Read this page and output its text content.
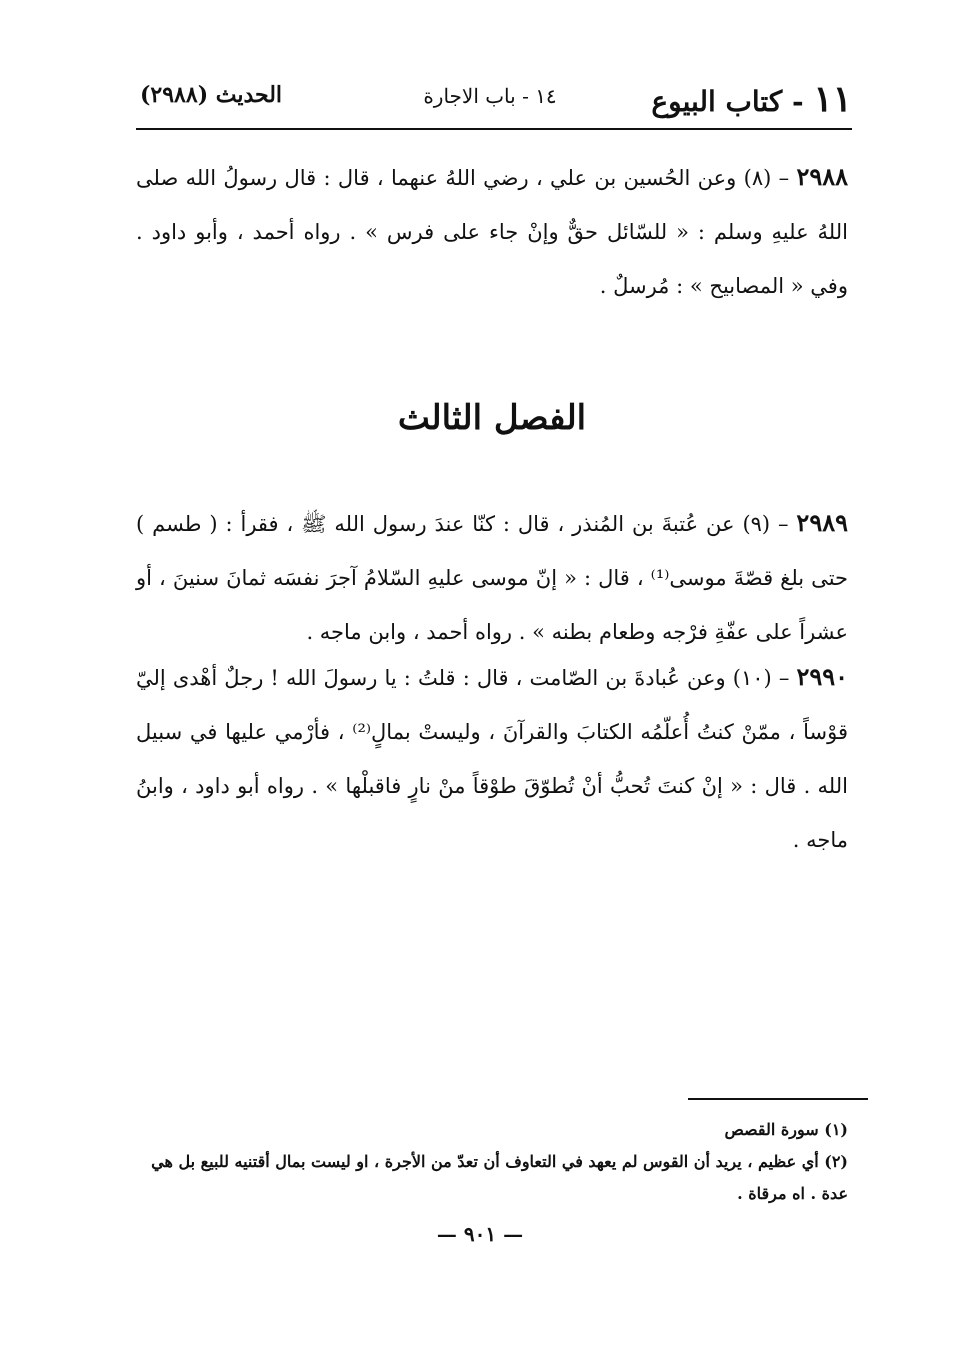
١١ - كتاب البيوع
١٤ - باب الاجارة
الحديث (٢٩٨٨)
٢٩٨٨ – (٨) وعن الحُسين بن علي ، رضي اللهُ عنهما ، قال : قال رسولُ الله صلى اللهُ عليهِ وسلم : « للسّائل حقٌّ وإنْ جاء على فرس » . رواه أحمد ، وأبو داود . وفي « المصابيح » : مُرسلٌ .
الفصل الثالث
٢٩٨٩ – (٩) عن عُتبةَ بن المُنذر ، قال : كنّا عندَ رسول الله ﷺ ، فقرأ : ( طسم ) حتى بلغ قصّةَ موسى⁽¹⁾ ، قال : « إنّ موسى عليهِ السّلامُ آجرَ نفسَه ثمانَ سنينَ ، أو عشراً على عفّةِ فرْجه وطعام بطنه » . رواه أحمد ، وابن ماجه .
٢٩٩٠ – (١٠) وعن عُبادةَ بن الصّامت ، قال : قلتُ : يا رسولَ الله ! رجلٌ أهْدى إليّ قوْساً ، ممّنْ كنتُ أُعلّمُه الكتابَ والقرآنَ ، وليستْ بمالٍ⁽²⁾ ، فأرْمي عليها في سبيل الله . قال : « إنْ كنتَ تُحبُّ أنْ تُطوّقَ طوْقاً منْ نارٍ فاقبلْها » . رواه أبو داود ، وابنُ ماجه .

(١) سورة القصص

(٢) أي عظيم ، يريد أن القوس لم يعهد في التعاوف أن تعدّ من الأجرة ، او ليست بمال أقتنيه للبيع بل هي عدة . اه مرقاة .

— ٩٠١ —
